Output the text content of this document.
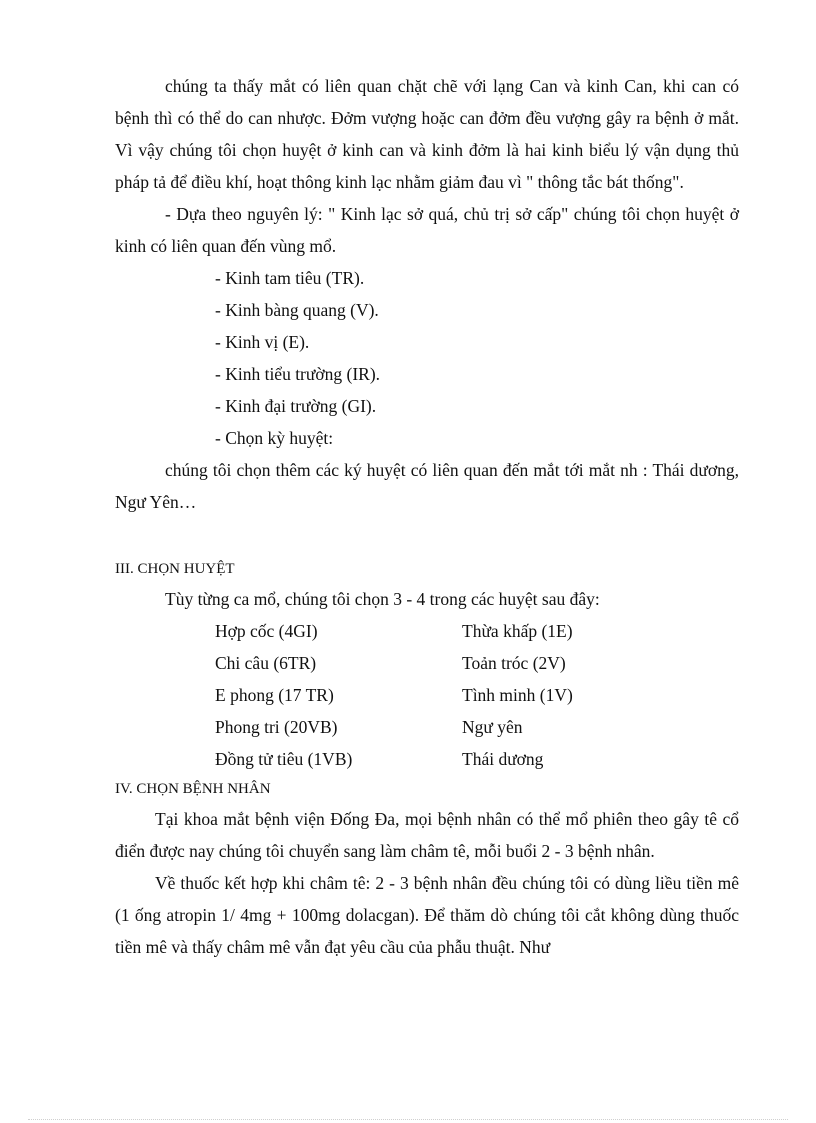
chúng ta thấy mắt có liên quan chặt chẽ với lạng Can và kinh Can, khi can có bệnh thì có thể do can nhược. Đởm vượng hoặc can đởm đều vượng gây ra bệnh ở mắt. Vì vậy chúng tôi chọn huyệt ở kinh can và kinh đởm là hai kinh biểu lý vận dụng thủ pháp tả để điều khí, hoạt thông kinh lạc nhằm giảm đau vì " thông tắc bát thống".

- Dựa theo nguyên lý: " Kinh lạc sở quá, chủ trị sở cấp" chúng tôi chọn huyệt ở kinh có liên quan đến vùng mổ.

- Kinh tam tiêu (TR).
- Kinh bàng quang (V).
- Kinh vị (E).
- Kinh tiểu trường (IR).
- Kinh đại trường (GI).
- Chọn kỳ huyệt:

chúng tôi chọn thêm các ký huyệt có liên quan đến mắt tới mắt nh : Thái dương, Ngư Yên…

III. CHỌN HUYỆT

Tùy từng ca mổ, chúng tôi chọn 3 - 4 trong các huyệt sau đây:

Hợp cốc (4GI)	Thừa khấp (1E)
Chi câu (6TR)	Toản tróc (2V)
E phong (17 TR)	Tình minh (1V)
Phong tri (20VB)	Ngư yên
Đồng tử tiêu (1VB)	Thái dương

IV. CHỌN BỆNH NHÂN

Tại khoa mắt bệnh viện Đống Đa, mọi bệnh nhân có thể mổ phiên theo gây tê cổ điển được nay chúng tôi chuyển sang làm châm tê, mỗi buổi 2 - 3 bệnh nhân.

Về thuốc kết hợp khi châm tê: 2 - 3 bệnh nhân đều chúng tôi có dùng liều tiền mê (1 ống atropin 1/ 4mg + 100mg dolacgan). Để thăm dò chúng tôi cắt không dùng thuốc tiền mê và thấy châm mê vẫn đạt yêu cầu của phẫu thuật. Như
